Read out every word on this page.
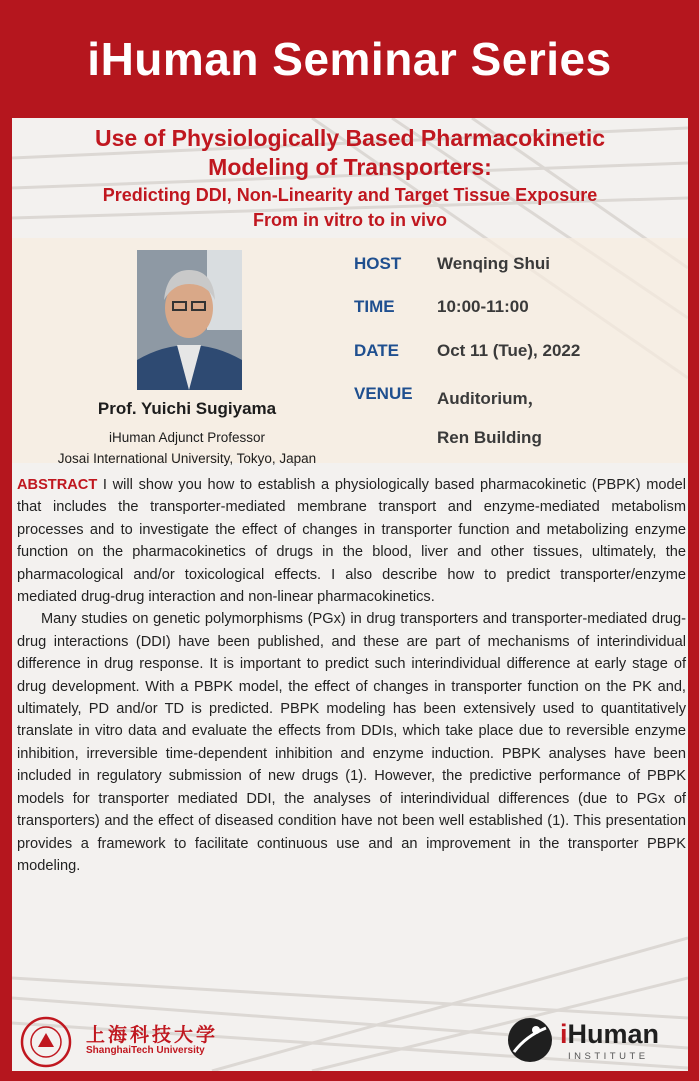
iHuman Seminar Series
Use of Physiologically Based Pharmacokinetic
Modeling of Transporters:
Predicting DDI, Non-Linearity and Target Tissue Exposure
From in vitro to in vivo
Prof. Yuichi Sugiyama
iHuman Adjunct Professor
Josai International University, Tokyo, Japan
HOST Wenqing Shui
TIME 10:00-11:00
DATE Oct 11 (Tue), 2022
VENUE Auditorium，
Ren Building

ABSTRACT I will show you how to establish a physiologically based pharmacokinetic (PBPK) model that includes the transporter-mediated membrane transport and enzyme-mediated metabolism processes and to investigate the effect of changes in transporter function and metabolizing enzyme function on the pharmacokinetics of drugs in the blood, liver and other tissues, ultimately, the pharmacological and/or toxicological effects. I also describe how to predict transporter/enzyme mediated drug-drug interaction and non-linear pharmacokinetics.

Many studies on genetic polymorphisms (PGx) in drug transporters and transporter-mediated drug-drug interactions (DDI) have been published, and these are part of mechanisms of interindividual difference in drug response. It is important to predict such interindividual difference at early stage of drug development. With a PBPK model, the effect of changes in transporter function on the PK and, ultimately, PD and/or TD is predicted. PBPK modeling has been extensively used to quantitatively translate in vitro data and evaluate the effects from DDIs, which take place due to reversible enzyme inhibition, irreversible time-dependent inhibition and enzyme induction. PBPK analyses have been included in regulatory submission of new drugs (1). However, the predictive performance of PBPK models for transporter mediated DDI, the analyses of interindividual differences (due to PGx of transporters) and the effect of diseased condition have not been well established (1). This presentation provides a framework to facilitate continuous use and an improvement in the transporter PBPK modeling.

上海科技大学
ShanghaiTech University
iHuman
INSTITUTE
